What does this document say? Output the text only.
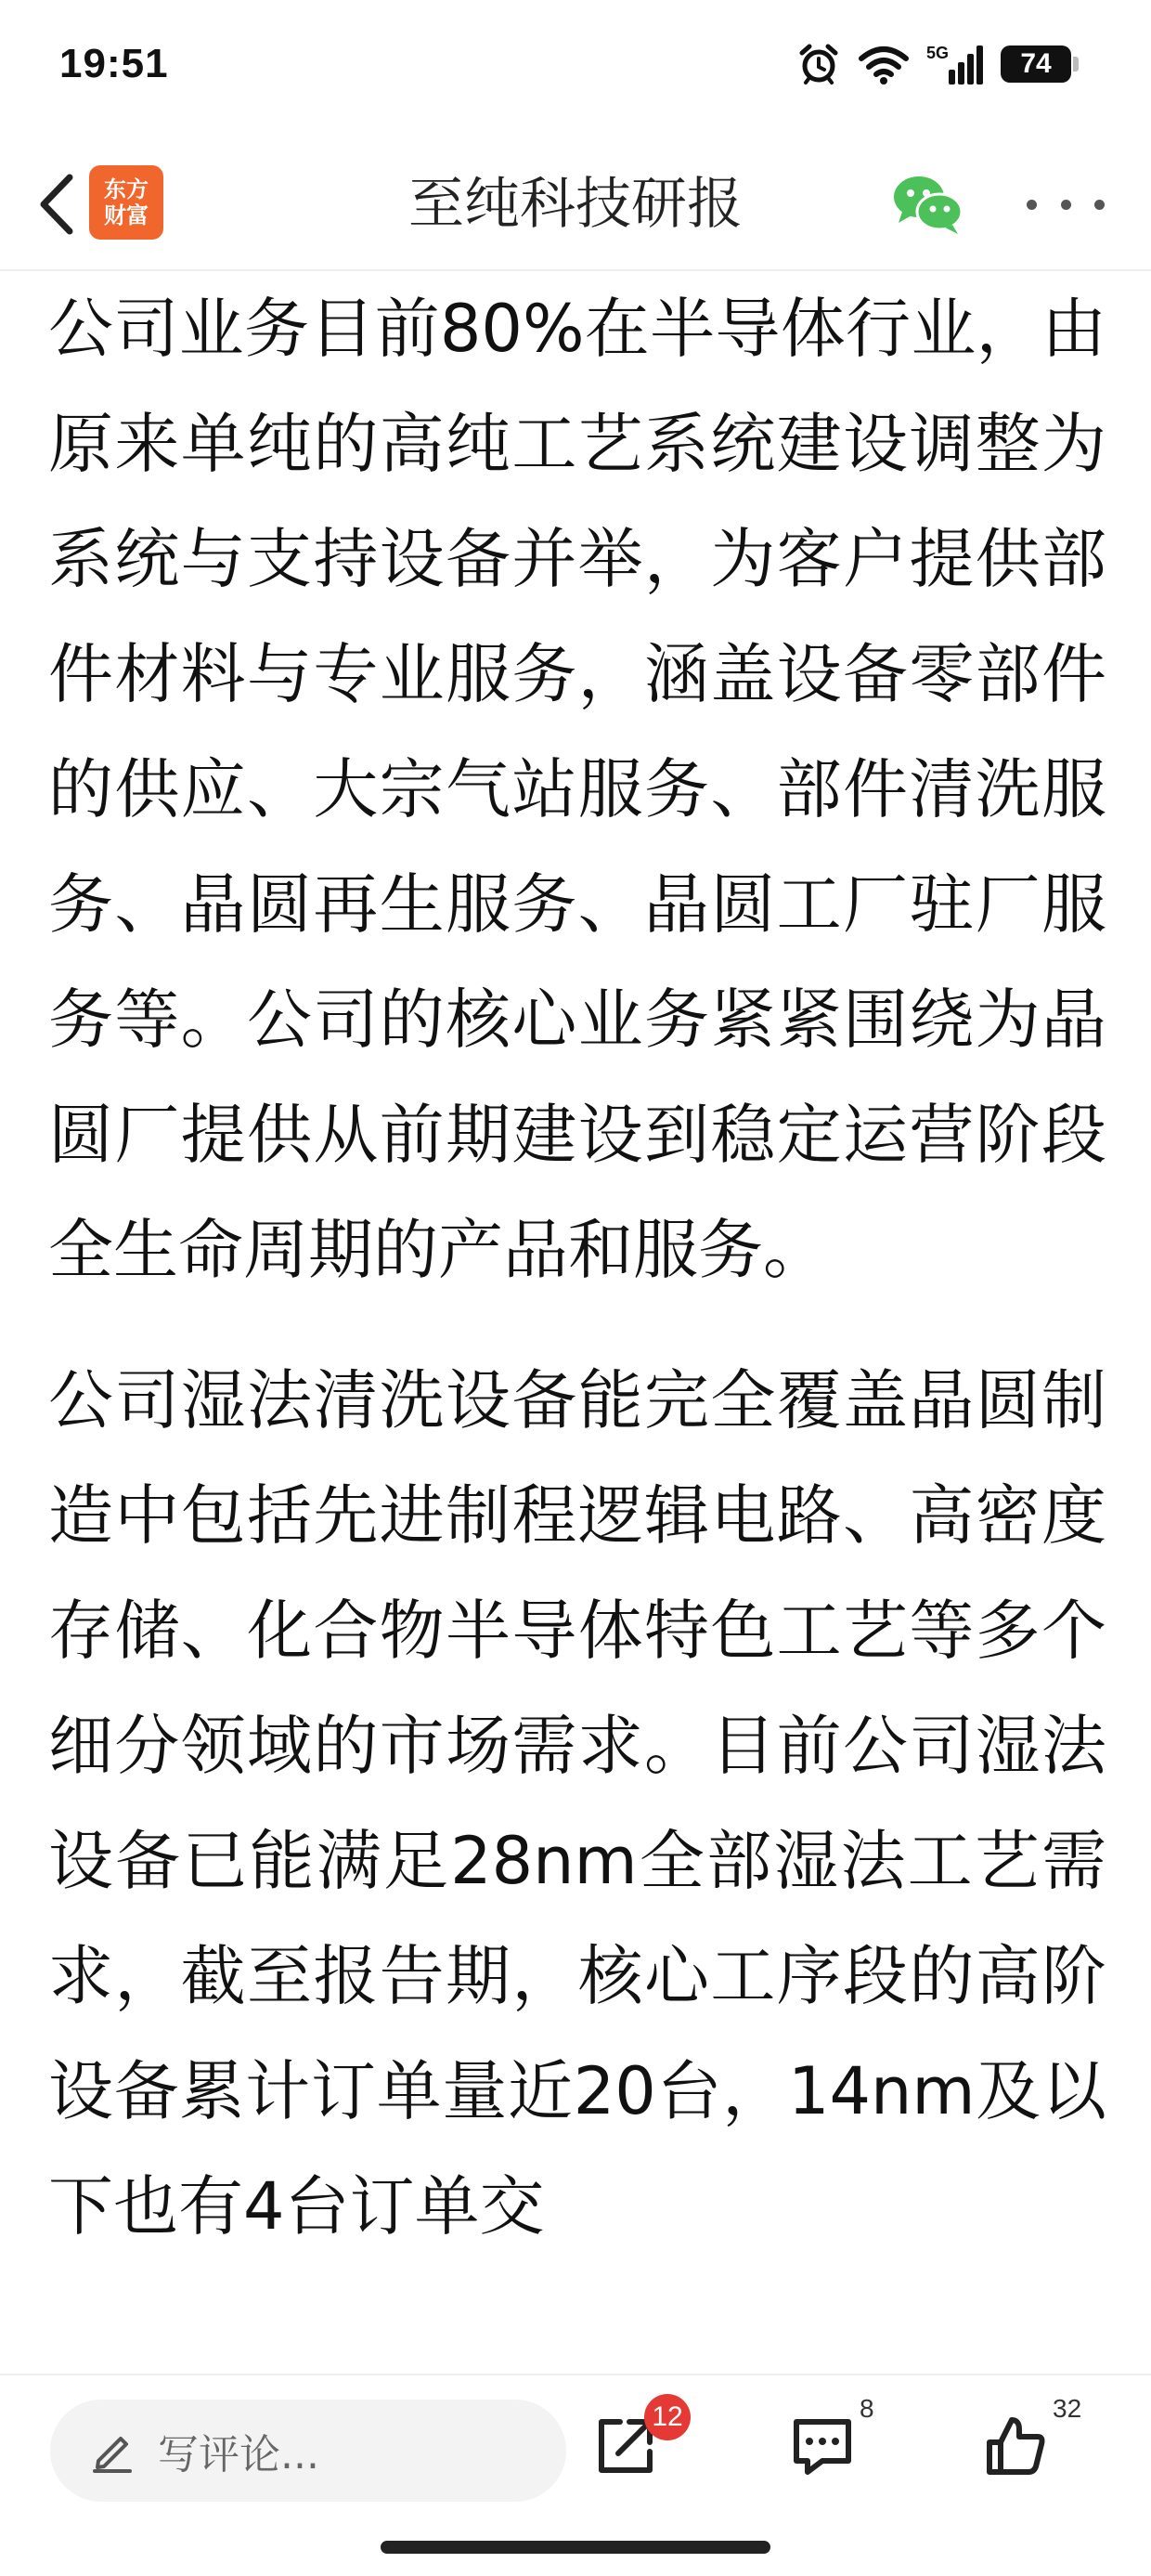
19:51	5G	74
东方
财富	至纯科技研报

公司业务目前80%在半导体行业，由原来单纯的高纯工艺系统建设调整为系统与支持设备并举，为客户提供部件材料与专业服务，涵盖设备零部件的供应、大宗气站服务、部件清洗服务、晶圆再生服务、晶圆工厂驻厂服务等。公司的核心业务紧紧围绕为晶圆厂提供从前期建设到稳定运营阶段全生命周期的产品和服务。

公司湿法清洗设备能完全覆盖晶圆制造中包括先进制程逻辑电路、高密度存储、化合物半导体特色工艺等多个细分领域的市场需求。目前公司湿法设备已能满足28nm全部湿法工艺需求，截至报告期，核心工序段的高阶设备累计订单量近20台，14nm及以下也有4台订单交

写评论...
12	8	32
